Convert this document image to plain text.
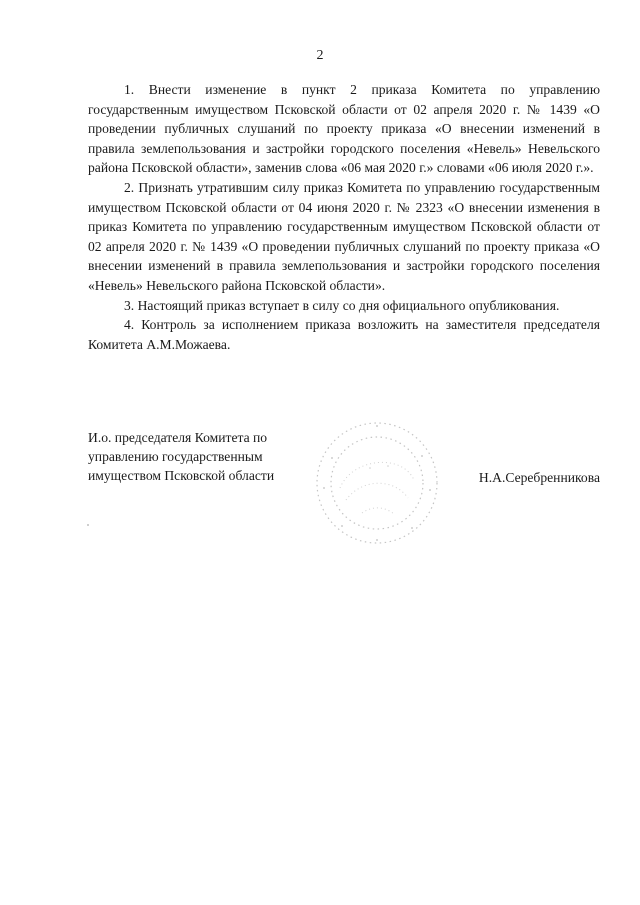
2

1. Внести изменение в пункт 2 приказа Комитета по управлению государственным имуществом Псковской области от 02 апреля 2020 г. № 1439 «О проведении публичных слушаний по проекту приказа «О внесении изменений в правила землепользования и застройки городского поселения «Невель» Невельского района Псковской области», заменив слова «06 мая 2020 г.» словами «06 июля 2020 г.».

2. Признать утратившим силу приказ Комитета по управлению государственным имуществом Псковской области от 04 июня 2020 г. № 2323 «О внесении изменения в приказ Комитета по управлению государственным имуществом Псковской области от 02 апреля 2020 г. № 1439 «О проведении публичных слушаний по проекту приказа «О внесении изменений в правила землепользования и застройки городского поселения «Невель» Невельского района Псковской области».

3. Настоящий приказ вступает в силу со дня официального опубликования.

4. Контроль за исполнением приказа возложить на заместителя председателя Комитета А.М.Можаева.

И.о. председателя Комитета по
управлению государственным
имуществом Псковской области	Н.А.Серебренникова
